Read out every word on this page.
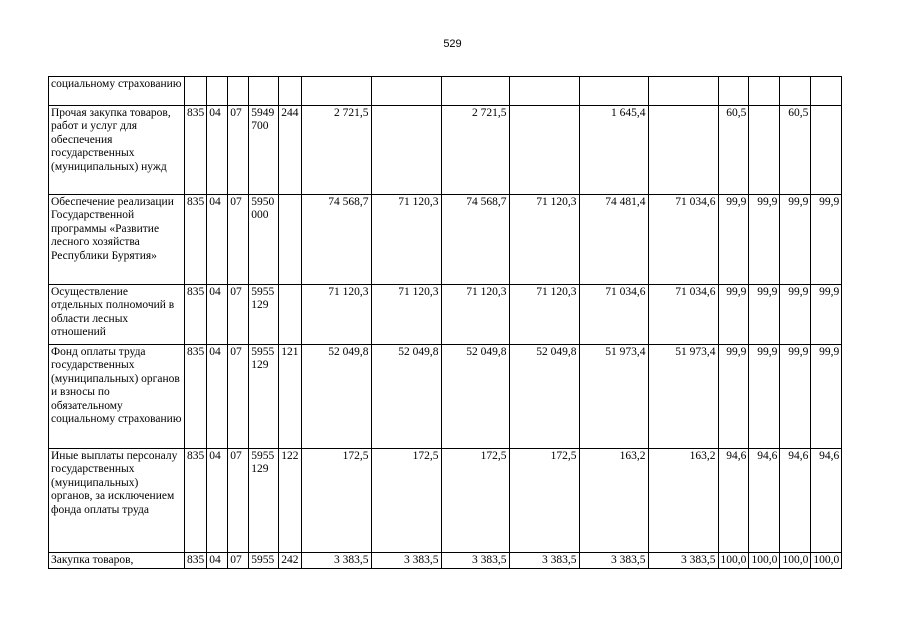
529
социальному страхованию															
Прочая закупка товаров, работ и услуг для обеспечения государственных (муниципальных) нужд	835	04	07	5949 700	244	2 721,5		2 721,5		1 645,4		60,5		60,5	
Обеспечение реализации Государственной программы «Развитие лесного хозяйства Республики Бурятия»	835	04	07	5950 000		74 568,7	71 120,3	74 568,7	71 120,3	74 481,4	71 034,6	99,9	99,9	99,9	99,9
Осуществление отдельных полномочий в области лесных отношений	835	04	07	5955 129		71 120,3	71 120,3	71 120,3	71 120,3	71 034,6	71 034,6	99,9	99,9	99,9	99,9
Фонд оплаты труда государственных (муниципальных) органов и взносы по обязательному социальному страхованию	835	04	07	5955 129	121	52 049,8	52 049,8	52 049,8	52 049,8	51 973,4	51 973,4	99,9	99,9	99,9	99,9
Иные выплаты персоналу государственных (муниципальных) органов, за исключением фонда оплаты труда	835	04	07	5955 129	122	172,5	172,5	172,5	172,5	163,2	163,2	94,6	94,6	94,6	94,6
Закупка товаров,	835	04	07	5955	242	3 383,5	3 383,5	3 383,5	3 383,5	3 383,5	3 383,5	100,0	100,0	100,0	100,0
